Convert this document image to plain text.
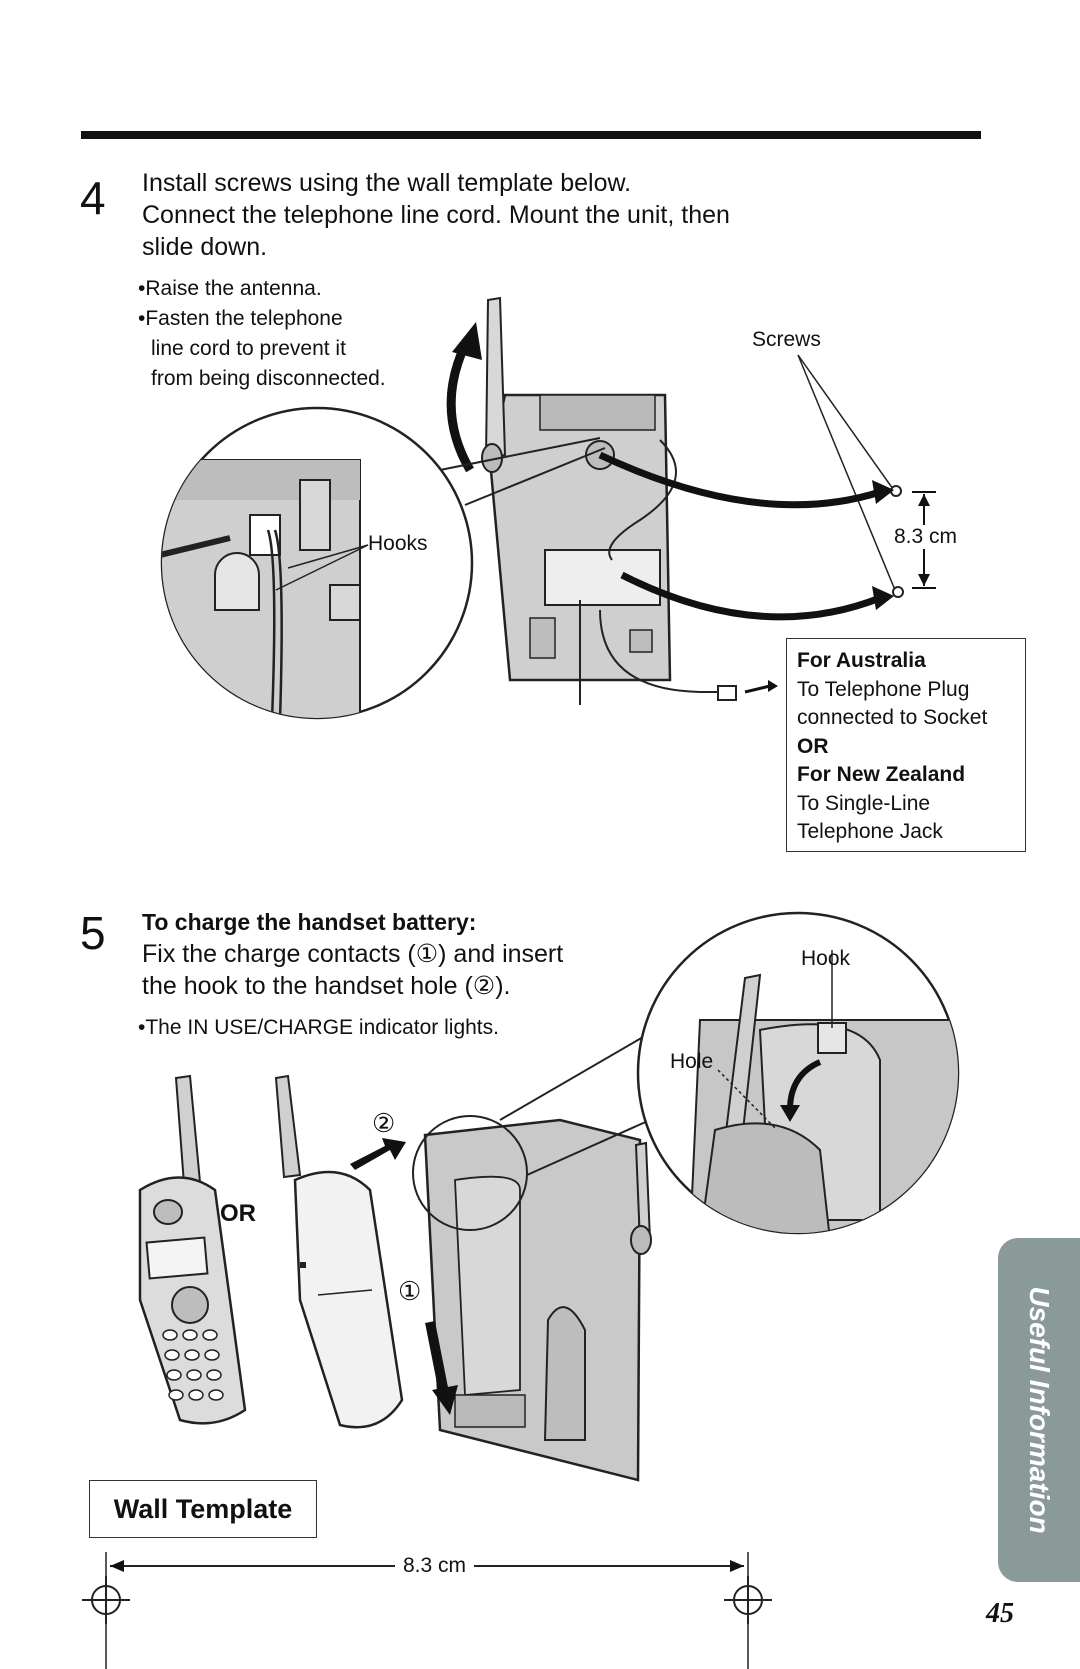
4 Install screws using the wall template below.
Connect the telephone line cord. Mount the unit, then
slide down.
•Raise the antenna.
•Fasten the telephone
line cord to prevent it
from being disconnected.
Screws
Hooks	8.3 cm
For Australia
To Telephone Plug
connected to Socket
OR
For New Zealand
To Single-Line
Telephone Jack
5 To charge the handset battery:
Fix the charge contacts (①) and insert
the hook to the handset hole (②).
•The IN USE/CHARGE indicator lights.
OR
②
①
Hook
Hole
Wall Template
8.3 cm
Useful Information
45
